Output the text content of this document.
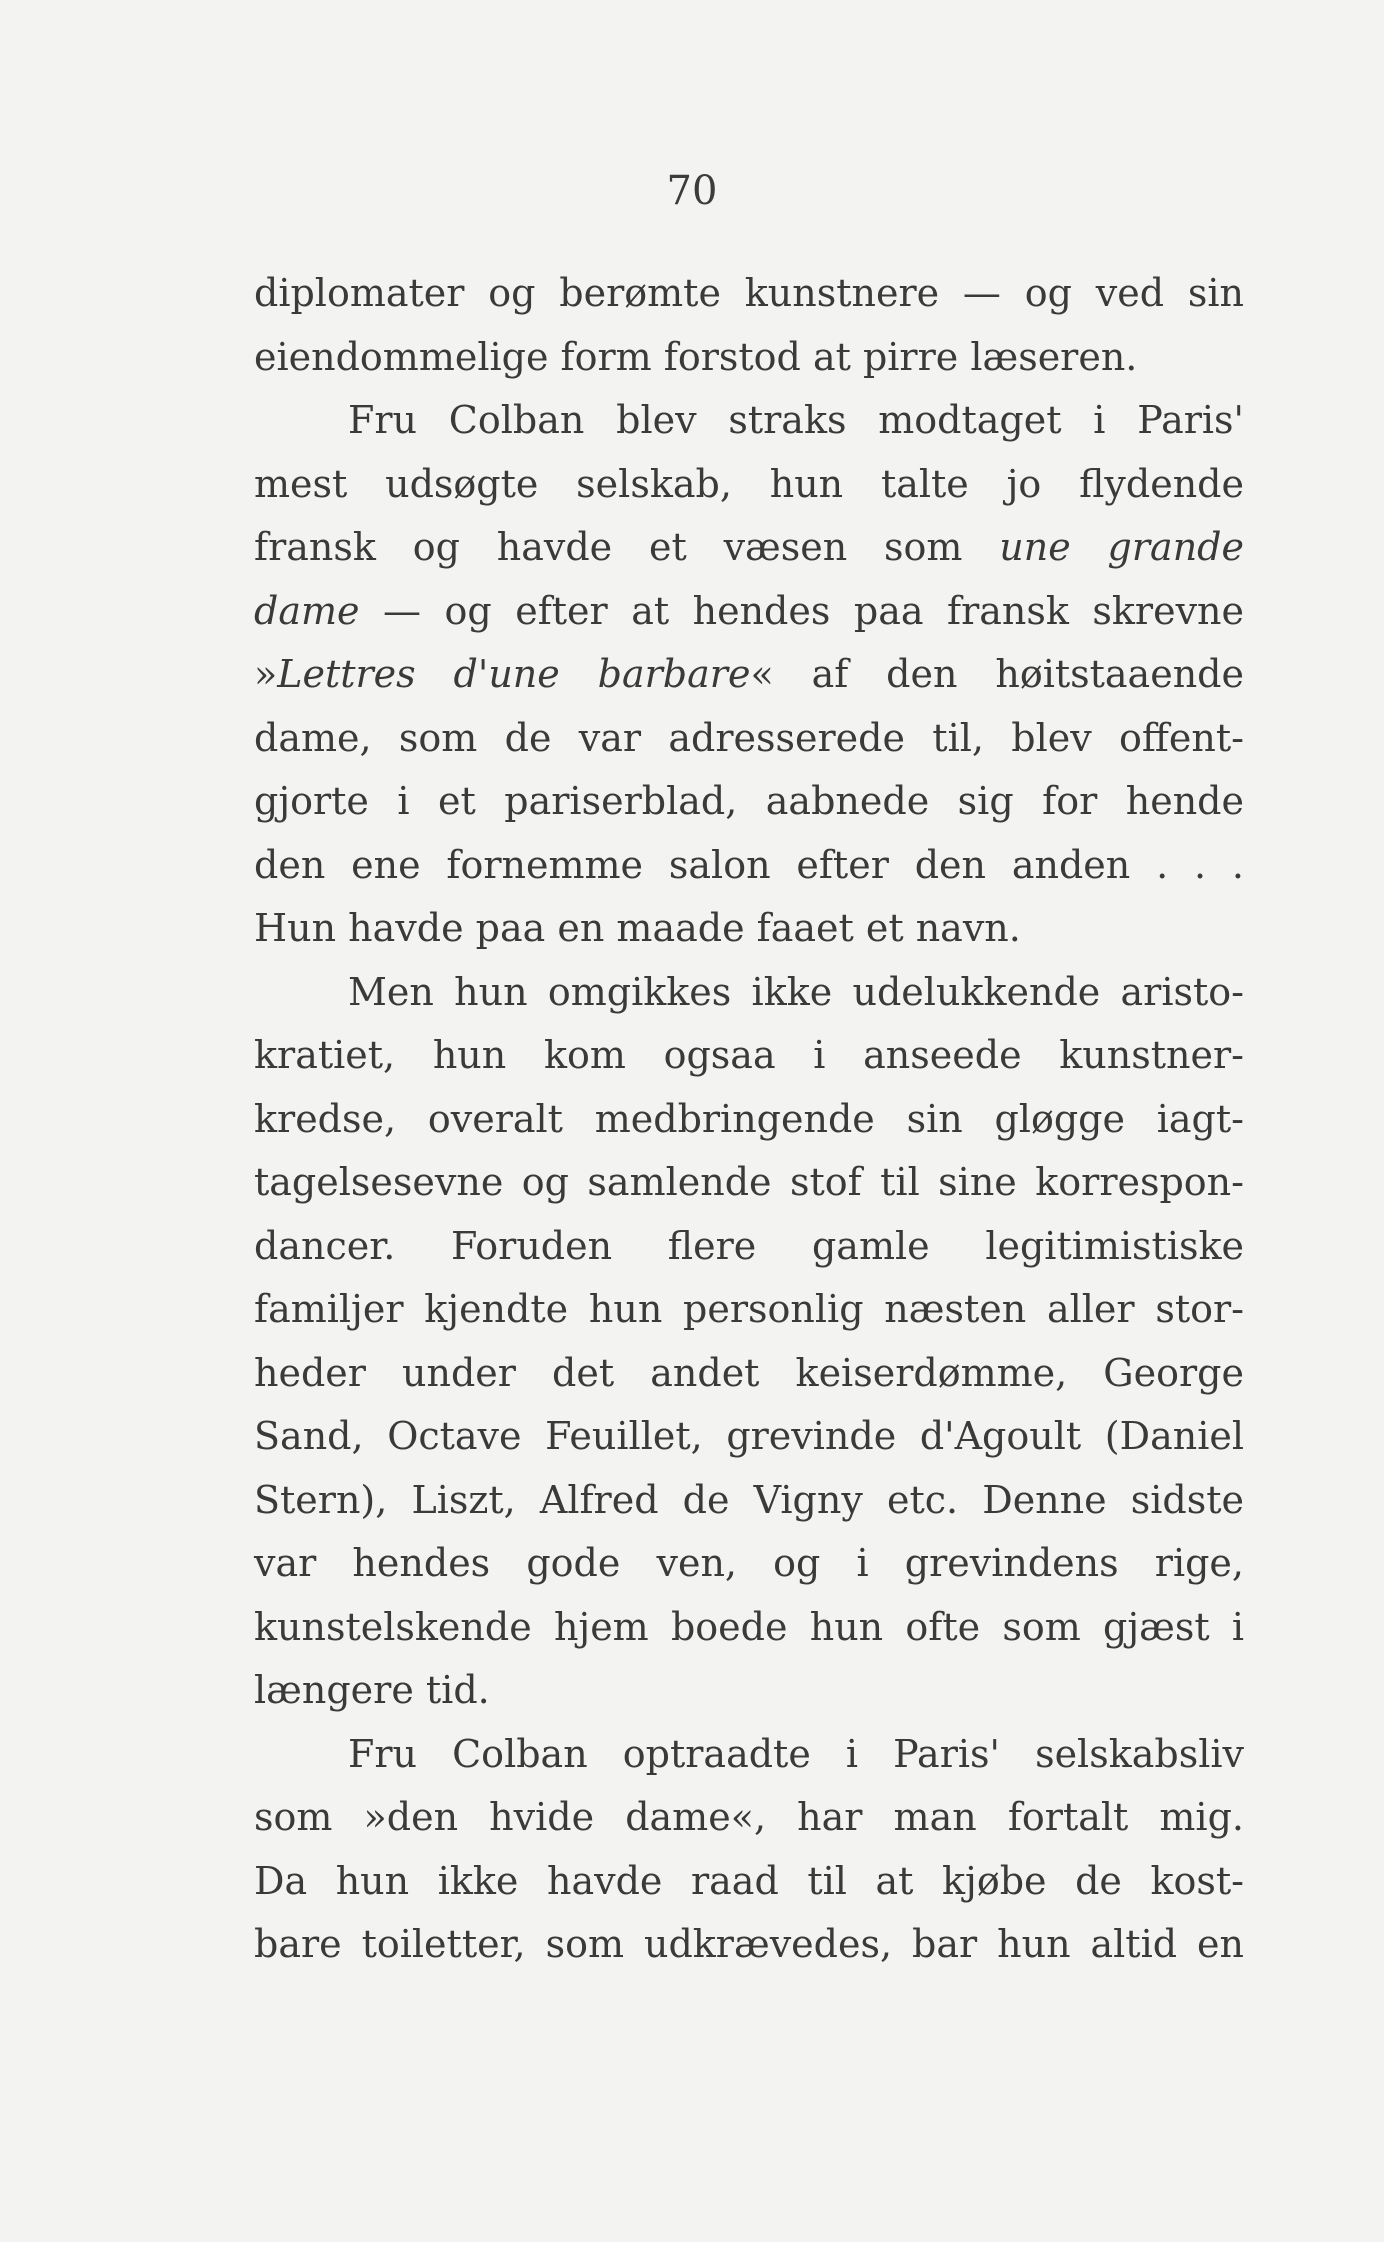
70
diplomater og berømte kunstnere — og ved sin
eiendommelige form forstod at pirre læseren.
Fru Colban blev straks modtaget i Paris'
mest udsøgte selskab, hun talte jo flydende
fransk og havde et væsen som une grande
dame — og efter at hendes paa fransk skrevne
»Lettres d'une barbare« af den høitstaaende
dame, som de var adresserede til, blev offent-
gjorte i et pariserblad, aabnede sig for hende
den ene fornemme salon efter den anden . . .
Hun havde paa en maade faaet et navn.
Men hun omgikkes ikke udelukkende aristo-
kratiet, hun kom ogsaa i anseede kunstner-
kredse, overalt medbringende sin gløgge iagt-
tagelsesevne og samlende stof til sine korrespon-
dancer. Foruden flere gamle legitimistiske
familjer kjendte hun personlig næsten aller stor-
heder under det andet keiserdømme, George
Sand, Octave Feuillet, grevinde d'Agoult (Daniel
Stern), Liszt, Alfred de Vigny etc. Denne sidste
var hendes gode ven, og i grevindens rige,
kunstelskende hjem boede hun ofte som gjæst i
længere tid.
Fru Colban optraadte i Paris' selskabsliv
som »den hvide dame«, har man fortalt mig.
Da hun ikke havde raad til at kjøbe de kost-
bare toiletter, som udkrævedes, bar hun altid en
